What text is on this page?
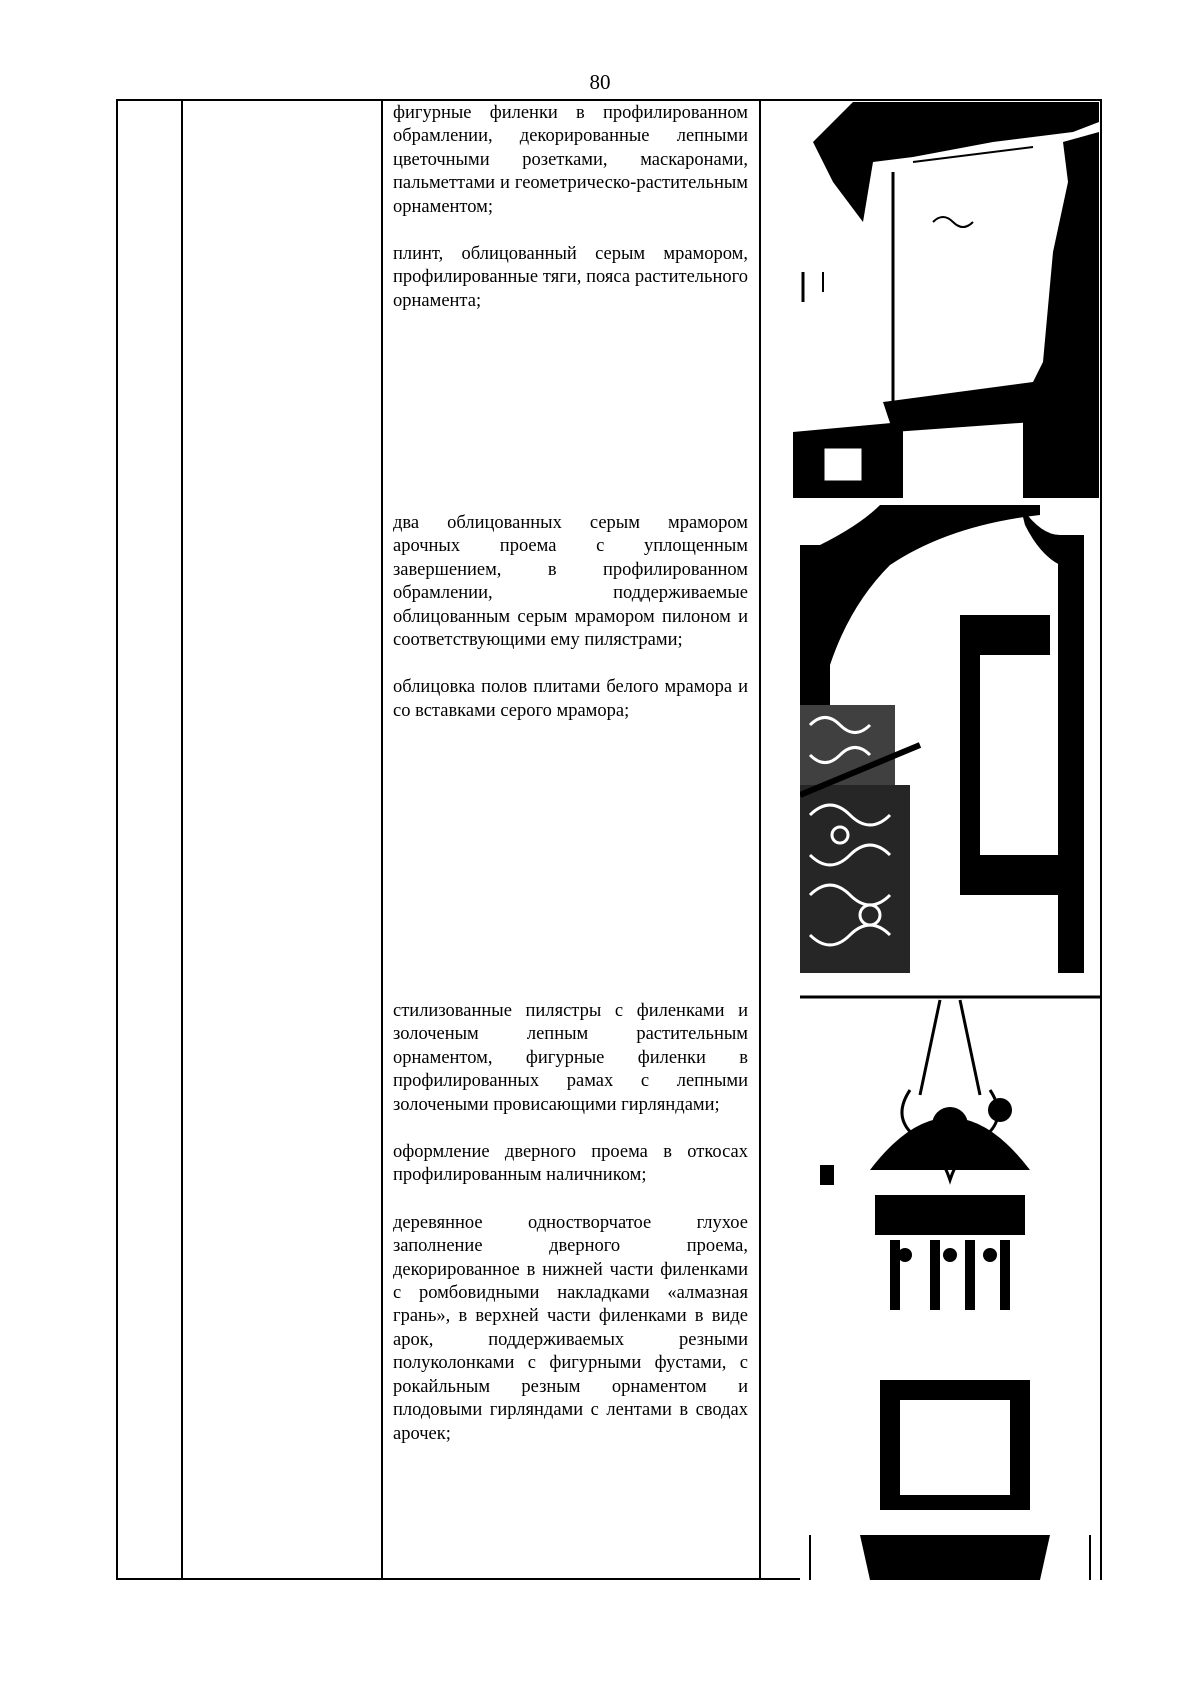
80

фигурные филенки в профилированном обрамлении, декорированные лепными цветочными розетками, маскаронами, пальметтами и геометрическо-растительным орнаментом;

плинт, облицованный серым мрамором, профилированные тяги, пояса растительного орнамента;

два облицованных серым мрамором арочных проема с уплощенным завершением, в профилированном обрамлении, поддерживаемые облицованным серым мрамором пилоном и соответствующими ему пилястрами;

облицовка полов плитами белого мрамора и со вставками серого мрамора;

стилизованные пилястры с филенками и золоченым лепным растительным орнаментом, фигурные филенки в профилированных рамах с лепными золочеными провисающими гирляндами;

оформление дверного проема в откосах профилированным наличником;

деревянное одностворчатое глухое заполнение дверного проема, декорированное в нижней части филенками с ромбовидными накладками «алмазная грань», в верхней части филенками в виде арок, поддерживаемых резными полуколонками с фигурными фустами, с рокайльным резным орнаментом и плодовыми гирляндами с лентами в сводах арочек;
